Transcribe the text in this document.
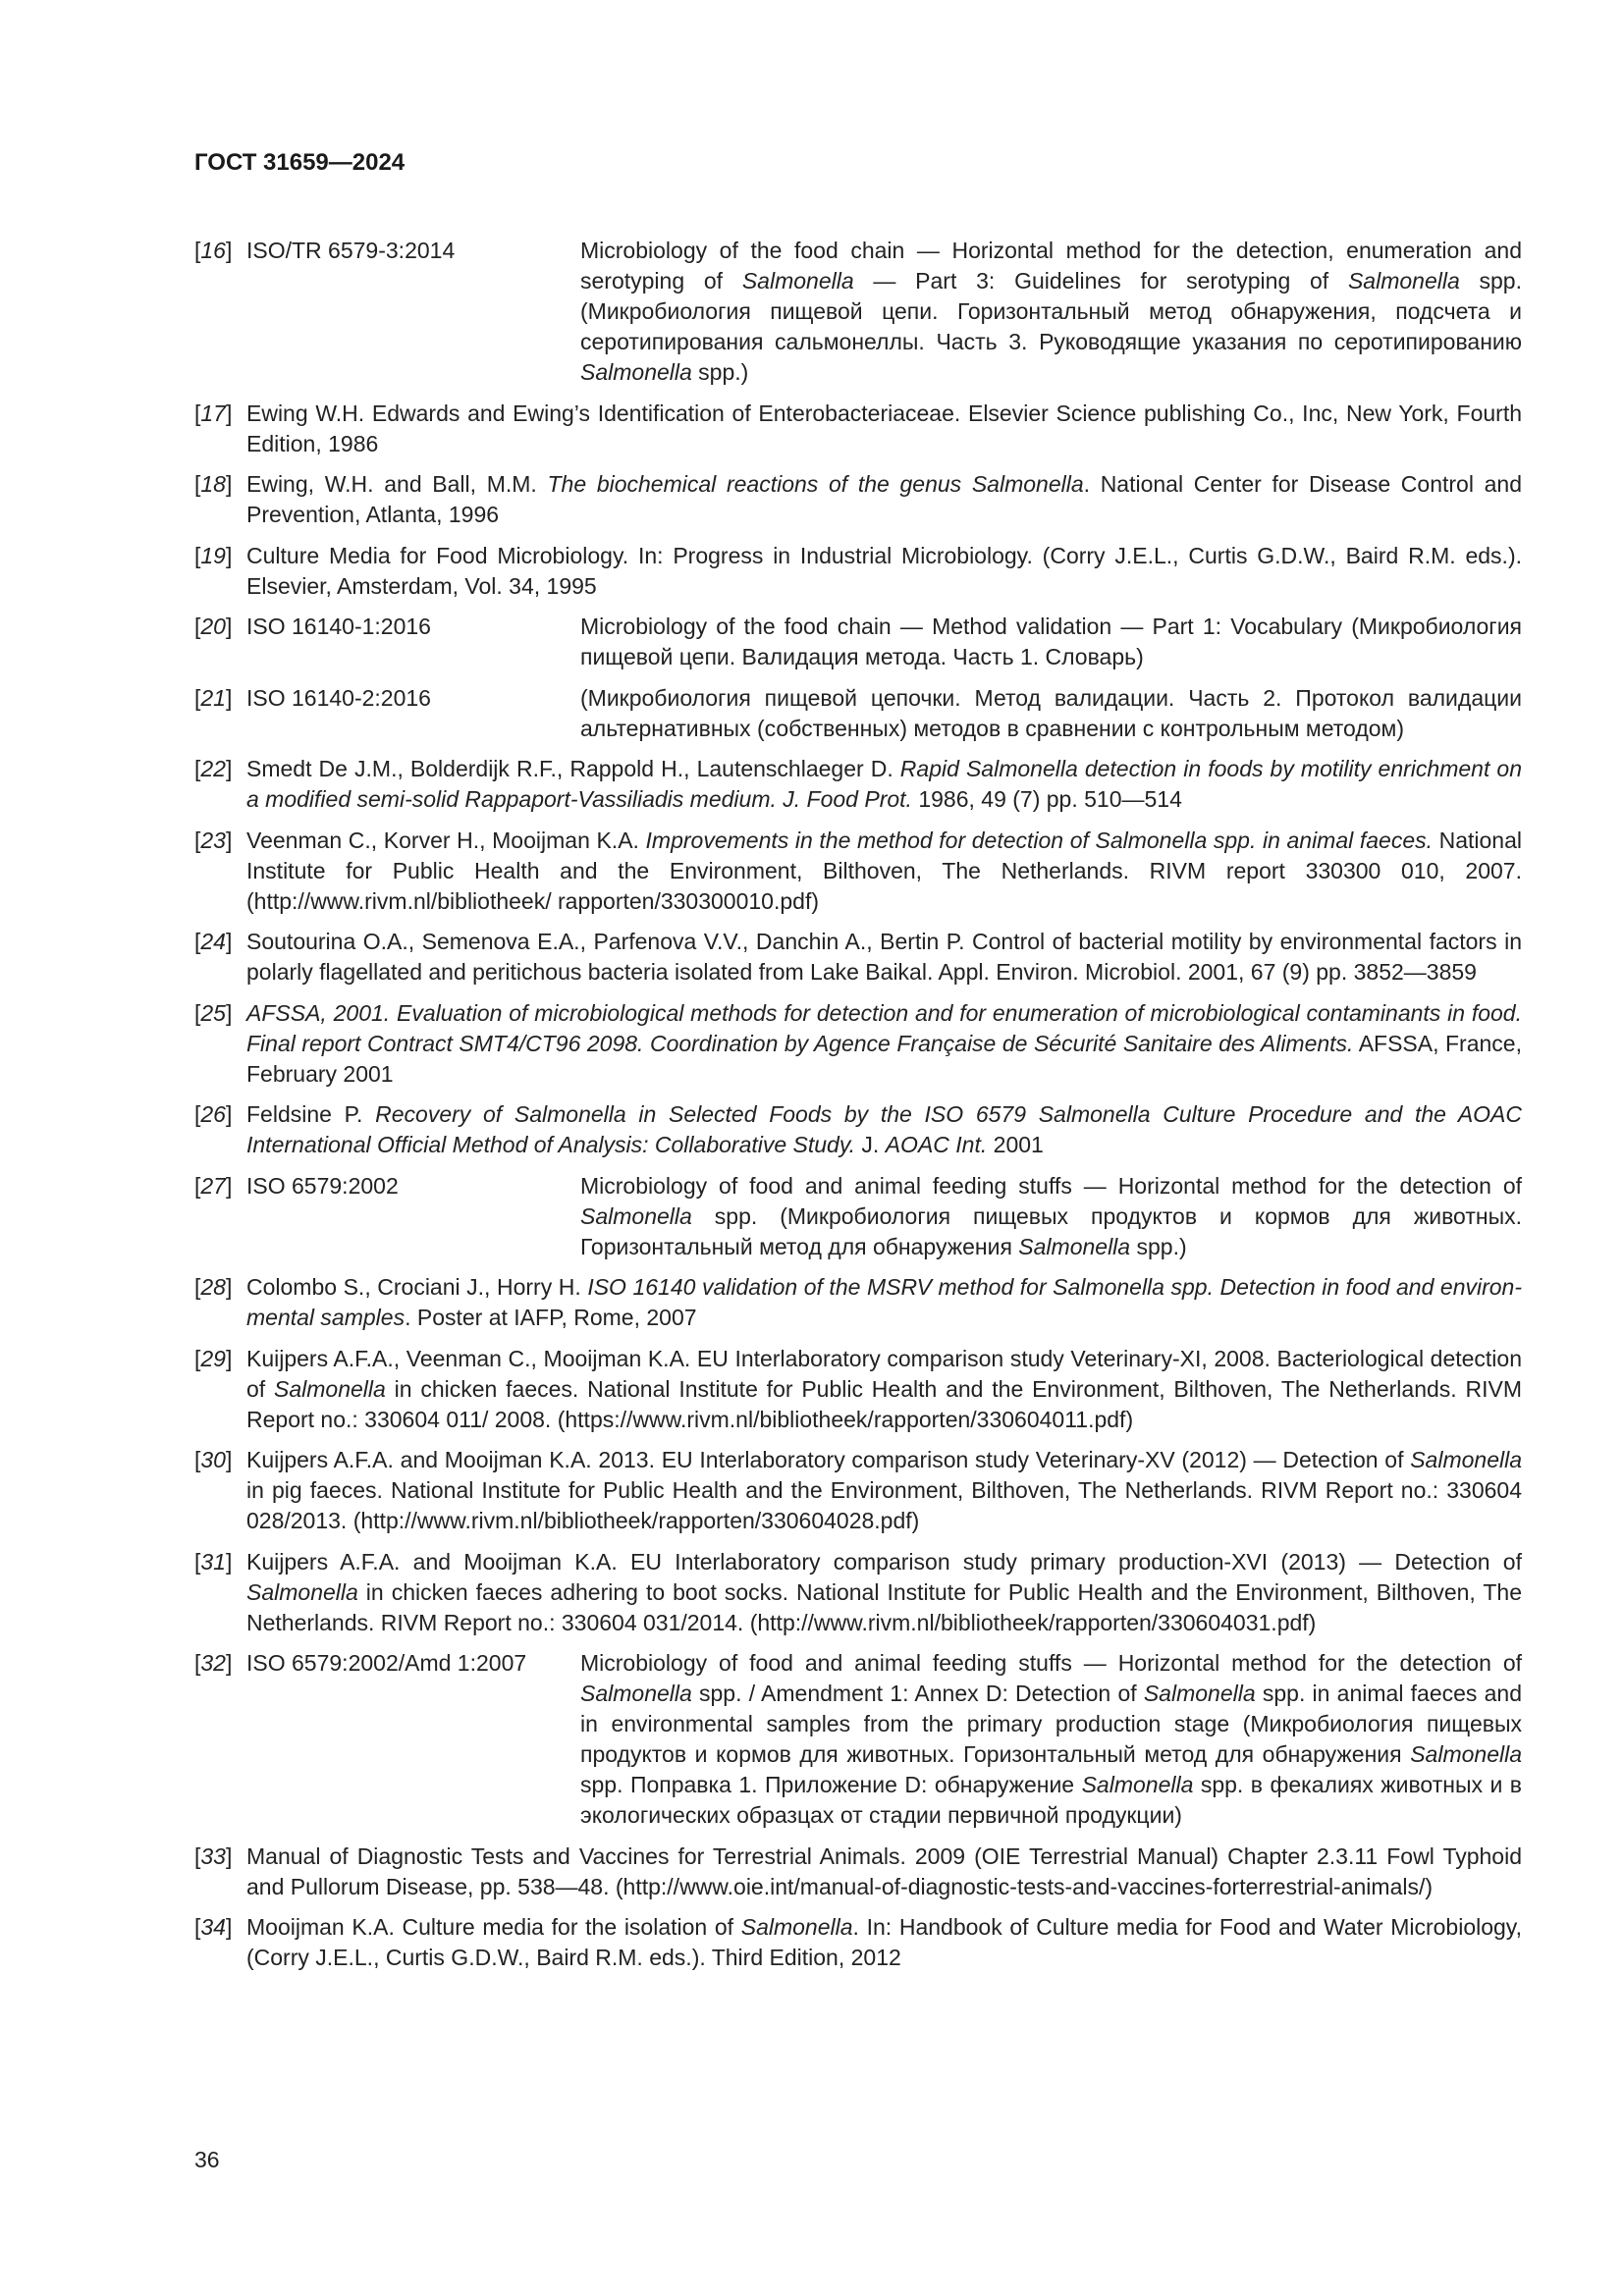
ГОСТ 31659—2024
[16] ISO/TR 6579-3:2014	Microbiology of the food chain — Horizontal method for the detection, enumeration and serotyping of Salmonella — Part 3: Guidelines for serotyping of Salmonella spp. (Микробиология пищевой цепи. Горизонтальный метод обнаружения, подсчета и серотипирования сальмонеллы. Часть 3. Руководящие указания по серотипированию Salmonella spp.)
[17] Ewing W.H. Edwards and Ewing’s Identification of Enterobacteriaceae. Elsevier Science publishing Co., Inc, New York, Fourth Edition, 1986
[18] Ewing, W.H. and Ball, M.M. The biochemical reactions of the genus Salmonella. National Center for Disease Control and Prevention, Atlanta, 1996
[19] Culture Media for Food Microbiology. In: Progress in Industrial Microbiology. (Corry J.E.L., Curtis G.D.W., Baird R.M. eds.). Elsevier, Amsterdam, Vol. 34, 1995
[20] ISO 16140-1:2016	Microbiology of the food chain — Method validation — Part 1: Vocabulary (Микробиология пищевой цепи. Валидация метода. Часть 1. Словарь)
[21] ISO 16140-2:2016	(Микробиология пищевой цепочки. Метод валидации. Часть 2. Протокол валидации альтернативных (собственных) методов в сравнении с контрольным методом)
[22] Smedt De J.M., Bolderdijk R.F., Rappold H., Lautenschlaeger D. Rapid Salmonella detection in foods by motility enrichment on a modified semi-solid Rappaport-Vassiliadis medium. J. Food Prot. 1986, 49 (7) pp. 510—514
[23] Veenman C., Korver H., Mooijman K.A. Improvements in the method for detection of Salmonella spp. in animal faeces. National Institute for Public Health and the Environment, Bilthoven, The Netherlands. RIVM report 330300 010, 2007. (http://www.rivm.nl/bibliotheek/ rapporten/330300010.pdf)
[24] Soutourina O.A., Semenova E.A., Parfenova V.V., Danchin A., Bertin P. Control of bacterial motility by environmental factors in polarly flagellated and peritichous bacteria isolated from Lake Baikal. Appl. Environ. Microbiol. 2001, 67 (9) pp. 3852—3859
[25] AFSSA, 2001. Evaluation of microbiological methods for detection and for enumeration of microbiological contaminants in food. Final report Contract SMT4/CT96 2098. Coordination by Agence Française de Sécurité Sanitaire des Aliments. AFSSA, France, February 2001
[26] Feldsine P. Recovery of Salmonella in Selected Foods by the ISO 6579 Salmonella Culture Procedure and the AOAC International Official Method of Analysis: Collaborative Study. J. AOAC Int. 2001
[27] ISO 6579:2002	Microbiology of food and animal feeding stuffs — Horizontal method for the detection of Salmonella spp. (Микробиология пищевых продуктов и кормов для животных. Горизонтальный метод для обнаружения Salmonella spp.)
[28] Colombo S., Crociani J., Horry H. ISO 16140 validation of the MSRV method for Salmonella spp. Detection in food and environ-mental samples. Poster at IAFP, Rome, 2007
[29] Kuijpers A.F.A., Veenman C., Mooijman K.A. EU Interlaboratory comparison study Veterinary-XI, 2008. Bacteriological detection of Salmonella in chicken faeces. National Institute for Public Health and the Environment, Bilthoven, The Netherlands. RIVM Report no.: 330604 011/ 2008. (https://www.rivm.nl/bibliotheek/rapporten/330604011.pdf)
[30] Kuijpers A.F.A. and Mooijman K.A. 2013. EU Interlaboratory comparison study Veterinary-XV (2012) — Detection of Salmonella in pig faeces. National Institute for Public Health and the Environment, Bilthoven, The Netherlands. RIVM Report no.: 330604 028/2013. (http://www.rivm.nl/bibliotheek/rapporten/330604028.pdf)
[31] Kuijpers A.F.A. and Mooijman K.A. EU Interlaboratory comparison study primary production-XVI (2013) — Detection of Salmonella in chicken faeces adhering to boot socks. National Institute for Public Health and the Environment, Bilthoven, The Netherlands. RIVM Report no.: 330604 031/2014. (http://www.rivm.nl/bibliotheek/rapporten/330604031.pdf)
[32] ISO 6579:2002/Amd 1:2007	Microbiology of food and animal feeding stuffs — Horizontal method for the detection of Salmonella spp. / Amendment 1: Annex D: Detection of Salmonella spp. in animal faeces and in environmental samples from the primary production stage (Микробиология пищевых продуктов и кормов для животных. Горизонтальный метод для обнаружения Salmonella spp. Поправка 1. Приложение D: обнаружение Salmonella spp. в фекалиях животных и в экологических образцах от стадии первичной продукции)
[33] Manual of Diagnostic Tests and Vaccines for Terrestrial Animals. 2009 (OIE Terrestrial Manual) Chapter 2.3.11 Fowl Typhoid and Pullorum Disease, pp. 538—48. (http://www.oie.int/manual-of-diagnostic-tests-and-vaccines-forterrestrial-animals/)
[34] Mooijman K.A. Culture media for the isolation of Salmonella. In: Handbook of Culture media for Food and Water Microbiology, (Corry J.E.L., Curtis G.D.W., Baird R.M. eds.). Third Edition, 2012
36
